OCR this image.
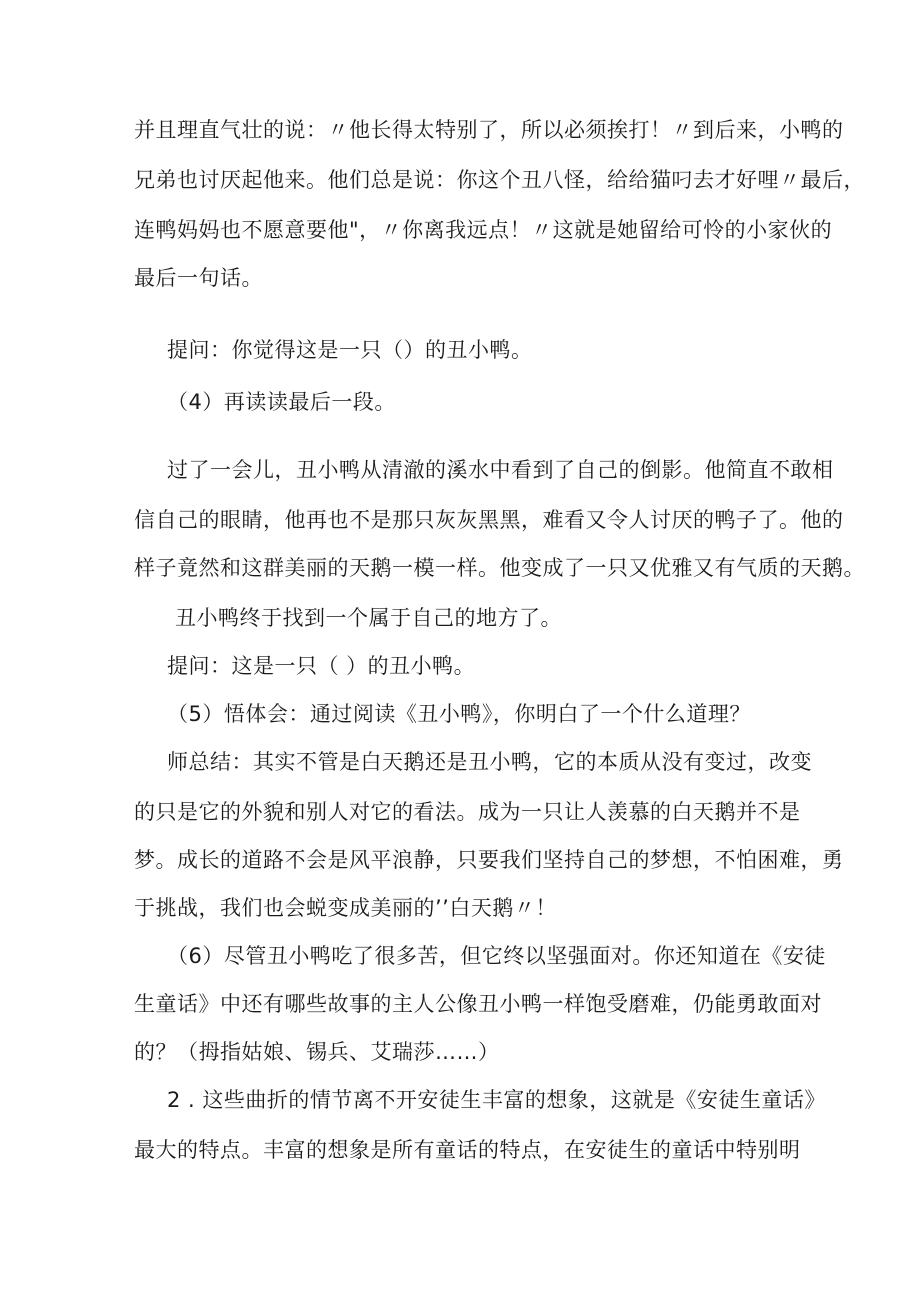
并且理直气壮的说：〃他长得太特别了，所以必须挨打！〃到后来，小鸭的
兄弟也讨厌起他来。他们总是说：你这个丑八怪，给给猫叼去才好哩〃最后，
连鸭妈妈也不愿意要他"，〃你离我远点！〃这就是她留给可怜的小家伙的
最后一句话。
提问：你觉得这是一只（）的丑小鸭。
（4）再读读最后一段。
过了一会儿，丑小鸭从清澈的溪水中看到了自己的倒影。他简直不敢相
信自己的眼睛，他再也不是那只灰灰黑黑，难看又令人讨厌的鸭子了。他的
样子竟然和这群美丽的天鹅一模一样。他变成了一只又优雅又有气质的天鹅。
丑小鸭终于找到一个属于自己的地方了。
提问：这是一只（ ）的丑小鸭。
（5）悟体会：通过阅读《丑小鸭》，你明白了一个什么道理？
师总结：其实不管是白天鹅还是丑小鸭，它的本质从没有变过，改变
的只是它的外貌和别人对它的看法。成为一只让人羡慕的白天鹅并不是
梦。成长的道路不会是风平浪静，只要我们坚持自己的梦想，不怕困难，勇
于挑战，我们也会蜕变成美丽的’’白天鹅〃！
（6）尽管丑小鸭吃了很多苦，但它终以坚强面对。你还知道在《安徒
生童话》中还有哪些故事的主人公像丑小鸭一样饱受磨难，仍能勇敢面对
的？（拇指姑娘、锡兵、艾瑞莎……）
2 . 这些曲折的情节离不开安徒生丰富的想象，这就是《安徒生童话》
最大的特点。丰富的想象是所有童话的特点，在安徒生的童话中特别明
